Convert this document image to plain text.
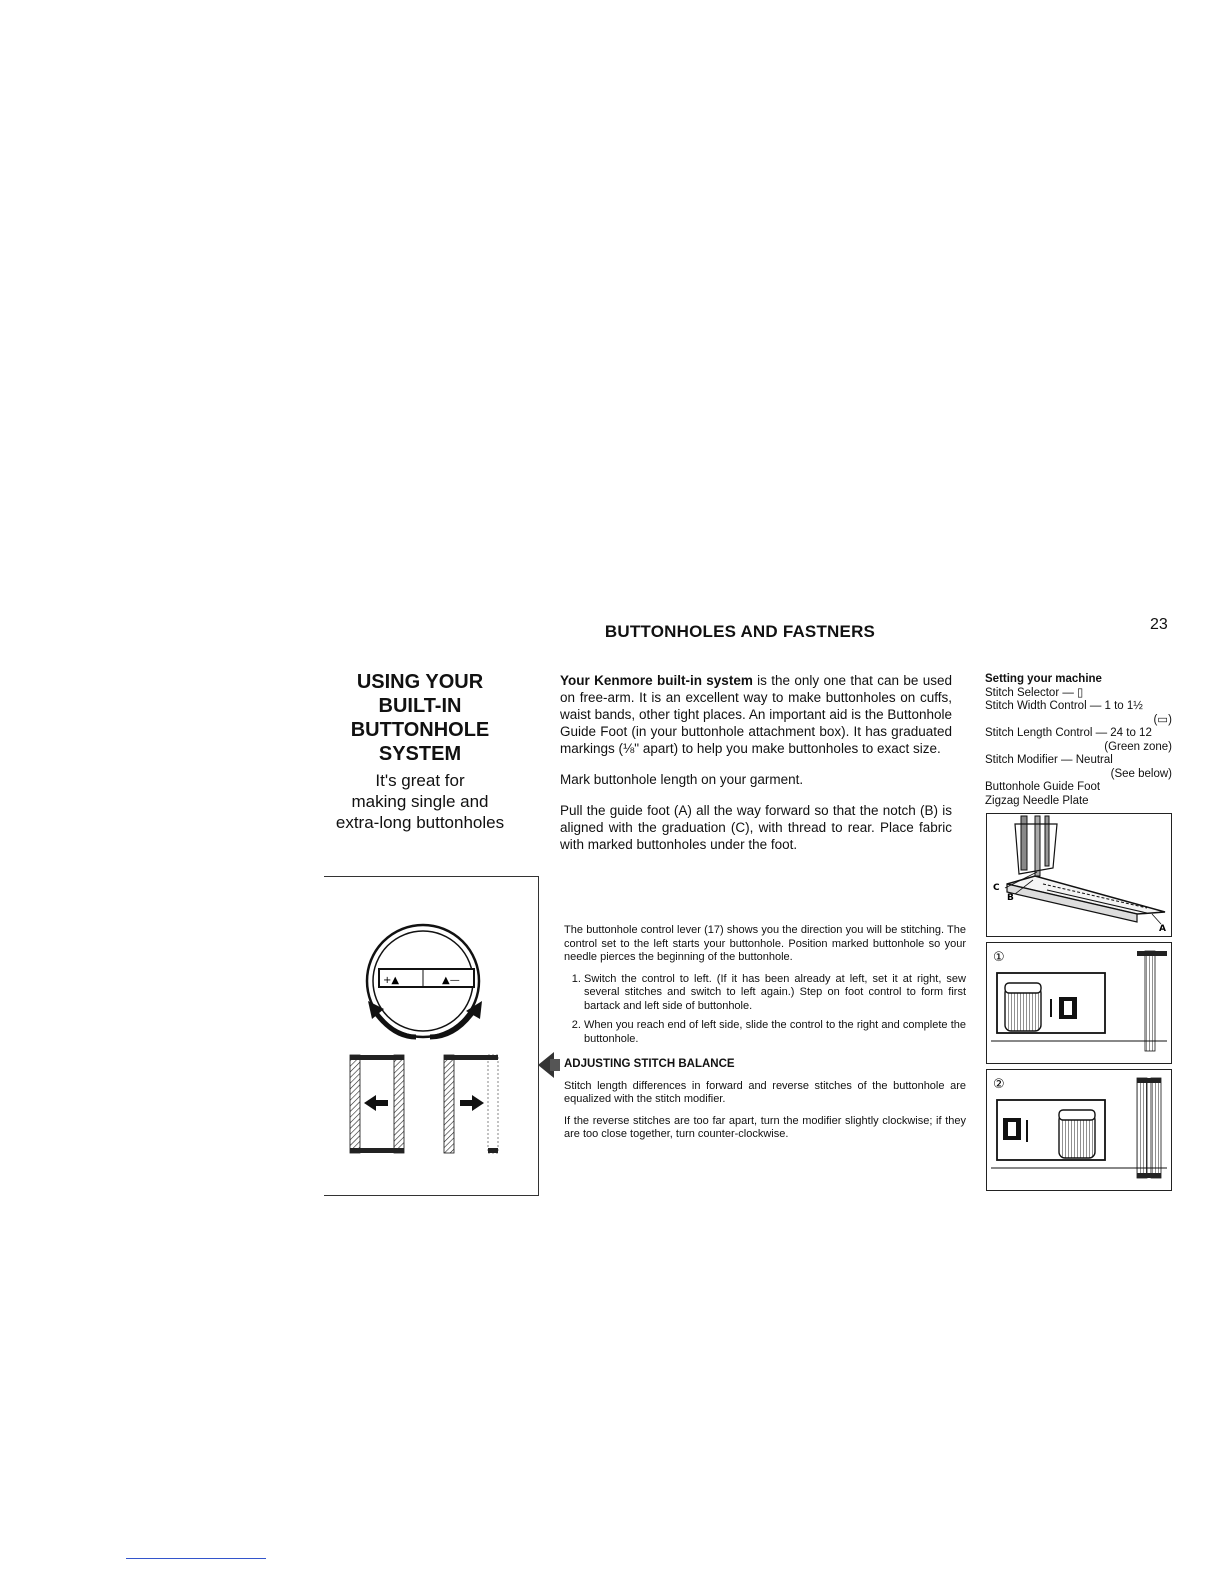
23
BUTTONHOLES AND FASTNERS
USING YOUR
BUILT-IN
BUTTONHOLE
SYSTEM
It's great for
making single and
extra-long buttonholes
+▲	▲—

Your Kenmore built-in system is the only one that can be used on free-arm. It is an excellent way to make buttonholes on cuffs, waist bands, other tight places. An important aid is the Buttonhole Guide Foot (in your buttonhole attachment box). It has graduated markings (⅛" apart) to help you make buttonholes to exact size.

Mark buttonhole length on your garment.

Pull the guide foot (A) all the way forward so that the notch (B) is aligned with the graduation (C), with thread to rear. Place fabric with marked buttonholes under the foot.

Setting your machine
Stitch Selector — ▯
Stitch Width Control — 1 to 1½
(▭)
Stitch Length Control — 24 to 12
(Green zone)
Stitch Modifier — Neutral
(See below)
Buttonhole Guide Foot
Zigzag Needle Plate
C
B
A
①
②

The buttonhole control lever (17) shows you the direction you will be stitching. The control set to the left starts your buttonhole. Position marked buttonhole so your needle pierces the beginning of the buttonhole.

1. Switch the control to left. (If it has been already at left, set it at right, sew several stitches and switch to left again.) Step on foot control to form first bartack and left side of buttonhole.
2. When you reach end of left side, slide the control to the right and complete the buttonhole.
ADJUSTING STITCH BALANCE

Stitch length differences in forward and reverse stitches of the buttonhole are equalized with the stitch modifier.

If the reverse stitches are too far apart, turn the modifier slightly clockwise; if they are too close together, turn counter-clockwise.
